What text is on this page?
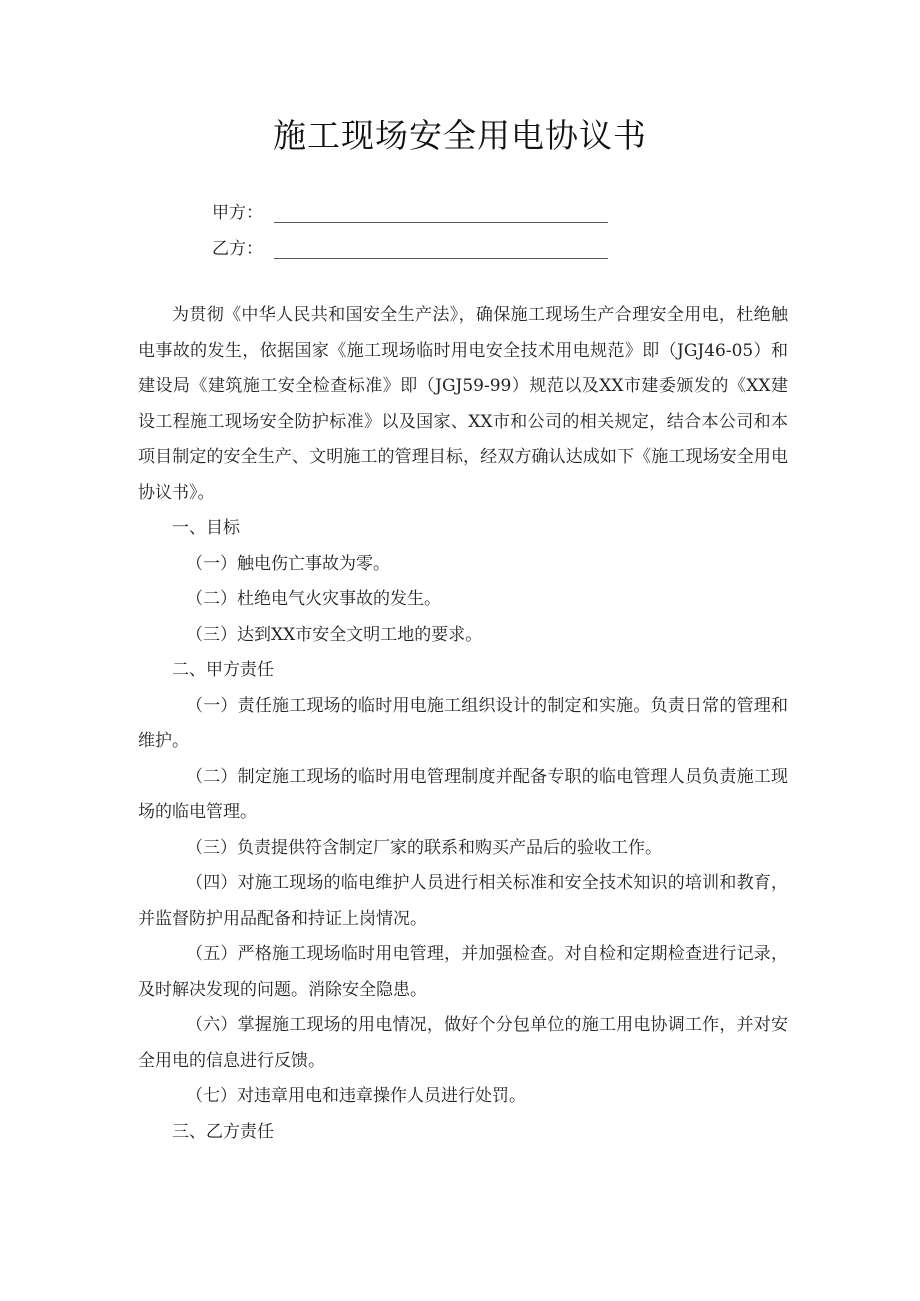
施工现场安全用电协议书
甲方：
乙方：

为贯彻《中华人民共和国安全生产法》，确保施工现场生产合理安全用电，杜绝触电事故的发生，依据国家《施工现场临时用电安全技术用电规范》即（JGJ46-05）和建设局《建筑施工安全检查标准》即（JGJ59-99）规范以及XX市建委颁发的《XX建设工程施工现场安全防护标准》以及国家、XX市和公司的相关规定，结合本公司和本项目制定的安全生产、文明施工的管理目标，经双方确认达成如下《施工现场安全用电协议书》。

一、目标

（一）触电伤亡事故为零。

（二）杜绝电气火灾事故的发生。

（三）达到XX市安全文明工地的要求。

二、甲方责任

（一）责任施工现场的临时用电施工组织设计的制定和实施。负责日常的管理和维护。

（二）制定施工现场的临时用电管理制度并配备专职的临电管理人员负责施工现场的临电管理。

（三）负责提供符含制定厂家的联系和购买产品后的验收工作。

（四）对施工现场的临电维护人员进行相关标准和安全技术知识的培训和教育，并监督防护用品配备和持证上岗情况。

（五）严格施工现场临时用电管理，并加强检查。对自检和定期检查进行记录，及时解决发现的问题。消除安全隐患。

（六）掌握施工现场的用电情况，做好个分包单位的施工用电协调工作，并对安全用电的信息进行反馈。

（七）对违章用电和违章操作人员进行处罚。

三、乙方责任
